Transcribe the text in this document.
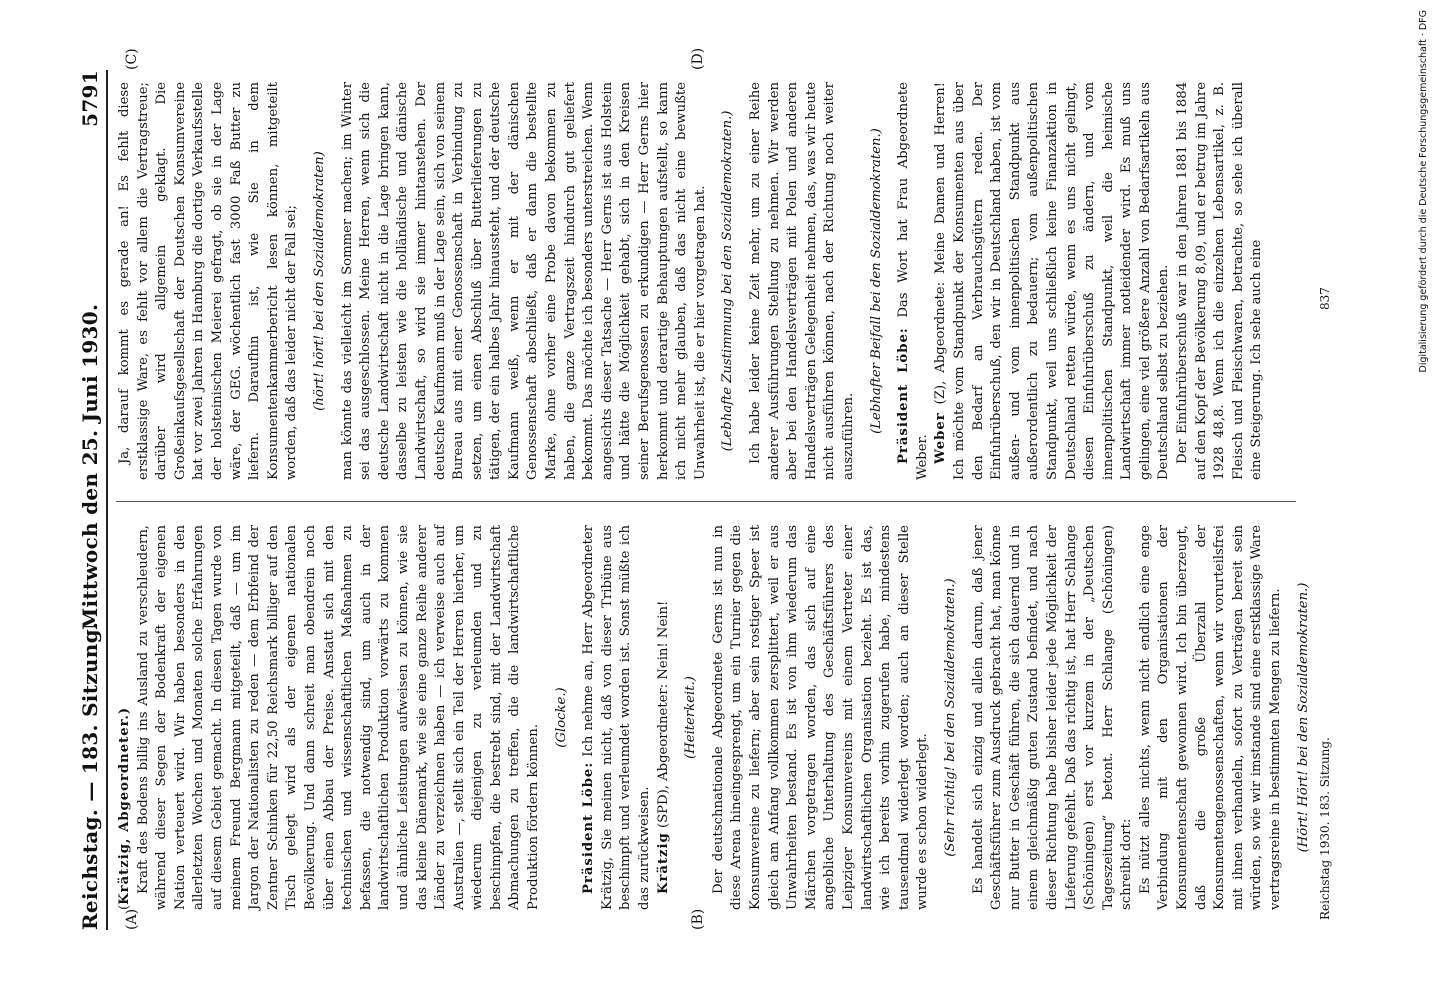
Reichstag. — 183. Sitzung.
Mittwoch den 25. Juni 1930.
5791
(A)	(B)
(C)	(D)

(Krätzig, Abgeordneter.) Kraft des Bodens billig ins Ausland zu verschleudern, während dieser Segen der Bodenkraft der eigenen Nation verteuert wird. Wir haben besonders in den allerletzten Wochen und Monaten solche Erfahrungen auf diesem Gebiet gemacht. In diesen Tagen wurde von meinem Freund Bergmann mitgeteilt, daß — um im Jargon der Nationalisten zu reden — dem Erbfeind der Zentner Schinken für 22,50 Reichsmark billiger auf den Tisch gelegt wird als der eigenen nationalen Bevölkerung. Und dann schreit man obendrein noch über einen Abbau der Preise. Anstatt sich mit den technischen und wissenschaftlichen Maßnahmen zu befassen, die notwendig sind, um auch in der landwirtschaftlichen Produktion vorwärts zu kommen und ähnliche Leistungen aufweisen zu können, wie sie das kleine Dänemark, wie sie eine ganze Reihe anderer Länder zu verzeichnen haben — ich verweise auch auf Australien —, stellt sich ein Teil der Herren hierher, um wiederum diejenigen zu verleumden und zu beschimpfen, die bestrebt sind, mit der Landwirtschaft Abmachungen zu treffen, die die landwirtschaftliche Produktion fördern können.

(Glocke.)

Präsident Löbe: Ich nehme an, Herr Abgeordneter Krätzig, Sie meinen nicht, daß von dieser Tribüne aus beschimpft und verleumdet worden ist. Sonst müßte ich das zurückweisen. Krätzig (SPD), Abgeordneter: Nein! Nein! (Heiterkeit.) Der deutschnationale Abgeordnete Gerns ist nun in diese Arena hineingesprengt, um ein Turnier gegen die Konsumvereine zu liefern; aber sein rostiger Speer ist gleich am Anfang vollkommen zersplittert, weil er aus Unwahrheiten bestand. Es ist von ihm wiederum das Märchen vorgetragen worden, das sich auf eine angebliche Unterhaltung des Geschäftsführers des Leipziger Konsumvereins mit einem Vertreter einer landwirtschaftlichen Organisation bezieht. Es ist das, wie ich bereits vorhin zugerufen habe, mindestens tausendmal widerlegt worden; auch an dieser Stelle wurde es schon widerlegt. (Sehr richtig! bei den Sozialdemokraten.) Es handelt sich einzig und allein darum, daß jener Geschäftsführer zum Ausdruck gebracht hat, man könne nur Butter in Geschäft führen, die sich dauernd und in einem gleichmäßig guten Zustand befindet, und nach dieser Richtung habe bisher leider jede Möglichkeit der Lieferung gefehlt. Daß das richtig ist, hat Herr Schlange (Schöningen) erst vor kurzem in der „Deutschen Tageszeitung“ betont. Herr Schlange (Schöningen) schreibt dort: Es nützt alles nichts, wenn nicht endlich eine enge Verbindung mit den Organisationen der Konsumentenschaft gewonnen wird. Ich bin überzeugt, daß die große Überzahl der Konsumentengenossenschaften, wenn wir vorurteilsfrei mit ihnen verhandeln, sofort zu Verträgen bereit sein würden, so wie wir imstande sind eine erstklassige Ware vertragsreine in bestimmten Mengen zu liefern. (Hört! Hört! bei den Sozialdemokraten.)

Ja, darauf kommt es gerade an! Es fehlt diese erstklassige Ware, es fehlt vor allem die Vertragstreue; darüber wird allgemein geklagt. Die Großeinkaufsgesellschaft der Deutschen Konsumvereine hat vor zwei Jahren in Hamburg die dortige Verkaufsstelle der holsteinischen Meierei gefragt, ob sie in der Lage wäre, der GEG. wöchentlich fast 3000 Faß Butter zu liefern. Daraufhin ist, wie Sie in dem Konsumentenkammerbericht lesen können, mitgeteilt worden, daß das leider nicht der Fall sei; (hört! hört! bei den Sozialdemokraten) man könnte das vielleicht im Sommer machen; im Winter sei das ausgeschlossen. Meine Herren, wenn sich die deutsche Landwirtschaft nicht in die Lage bringen kann, dasselbe zu leisten wie die holländische und dänische Landwirtschaft, so wird sie immer hintanstehen. Der deutsche Kaufmann muß in der Lage sein, sich von seinem Bureau aus mit einer Genossenschaft in Verbindung zu setzen, um einen Abschluß über Butterlieferungen zu tätigen, der ein halbes Jahr hinaussteht, und der deutsche Kaufmann weiß, wenn er mit der dänischen Genossenschaft abschließt, daß er dann die bestellte Marke, ohne vorher eine Probe davon bekommen zu haben, die ganze Vertragszeit hindurch gut geliefert bekommt. Das möchte ich besonders unterstreichen. Wenn angesichts dieser Tatsache — Herr Gerns ist aus Holstein und hätte die Möglichkeit gehabt, sich in den Kreisen seiner Berufsgenossen zu erkundigen — Herr Gerns hier herkommt und derartige Behauptungen aufstellt, so kann ich nicht mehr glauben, daß das nicht eine bewußte Unwahrheit ist, die er hier vorgetragen hat. (Lebhafte Zustimmung bei den Sozialdemokraten.) Ich habe leider keine Zeit mehr, um zu einer Reihe anderer Ausführungen Stellung zu nehmen. Wir werden aber bei den Handelsverträgen mit Polen und anderen Handelsverträgen Gelegenheit nehmen, das, was wir heute nicht ausführen können, nach der Richtung noch weiter auszuführen.

(Lebhafter Beifall bei den Sozialdemokraten.) Präsident Löbe: Das Wort hat Frau Abgeordnete Weber. Weber (Z), Abgeordnete: Meine Damen und Herren! Ich möchte vom Standpunkt der Konsumenten aus über den Bedarf an Verbrauchsgütern reden. Der Einfuhrüberschuß, den wir in Deutschland haben, ist vom außen- und vom innenpolitischen Standpunkt aus außerordentlich zu bedauern; vom außenpolitischen Standpunkt, weil uns schließlich keine Finanzaktion in Deutschland retten würde, wenn es uns nicht gelingt, diesen Einfuhrüberschuß zu ändern, und vom innenpolitischen Standpunkt, weil die heimische Landwirtschaft immer notleidender wird. Es muß uns gelingen, eine viel größere Anzahl von Bedarfsartikeln aus Deutschland selbst zu beziehen. Der Einfuhrüberschuß war in den Jahren 1881 bis 1884 auf den Kopf der Bevölkerung 8,09, und er betrug im Jahre 1928 48,8. Wenn ich die einzelnen Lebensartikel, z. B. Fleisch und Fleischwaren, betrachte, so sehe ich überall eine Steigerung. Ich sehe auch eine

Reichstag 1930. 183. Sitzung.
837	Digitalisierung gefördert durch die Deutsche Forschungsgemeinschaft · DFG
